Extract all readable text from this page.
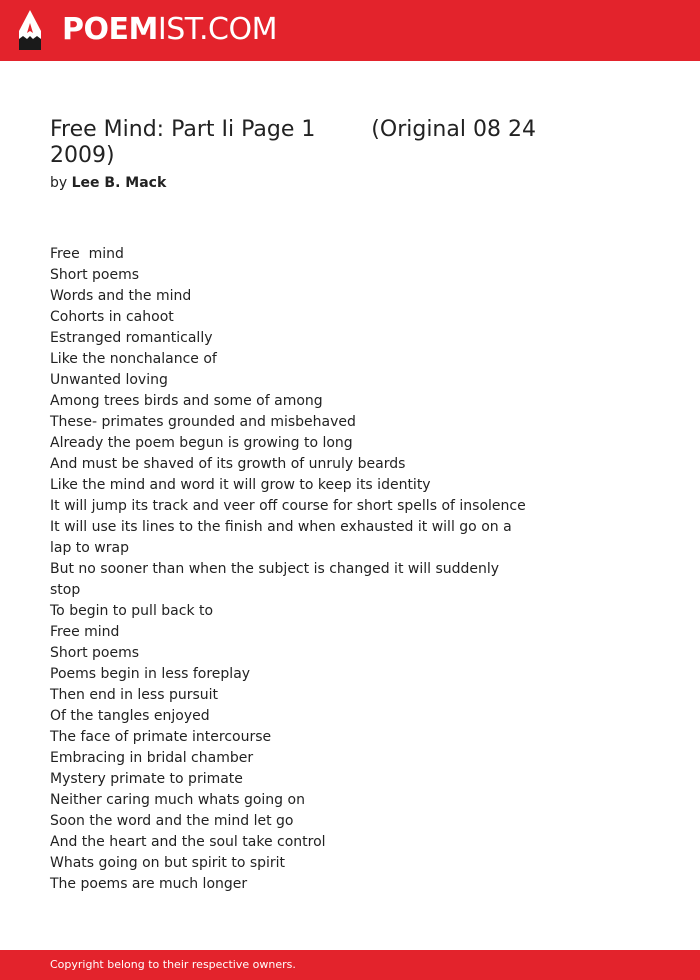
POEMIST.COM
Free Mind: Part Ii Page 1        (Original 08 24 2009)
by Lee B. Mack
Free  mind
Short poems
Words and the mind
Cohorts in cahoot
Estranged romantically
Like the nonchalance of
Unwanted loving
Among trees birds and some of among
These- primates grounded and misbehaved
Already the poem begun is growing to long
And must be shaved of its growth of unruly beards
Like the mind and word it will grow to keep its identity
It will jump its track and veer off course for short spells of insolence
It will use its lines to the finish and when exhausted it will go on a lap to wrap
But no sooner than when the subject is changed it will suddenly stop
To begin to pull back to
Free mind
Short poems
Poems begin in less foreplay
Then end in less pursuit
Of the tangles enjoyed
The face of primate intercourse
Embracing in bridal chamber
Mystery primate to primate
Neither caring much whats going on
Soon the word and the mind let go
And the heart and the soul take control
Whats going on but spirit to spirit
The poems are much longer
Copyright belong to their respective owners.
